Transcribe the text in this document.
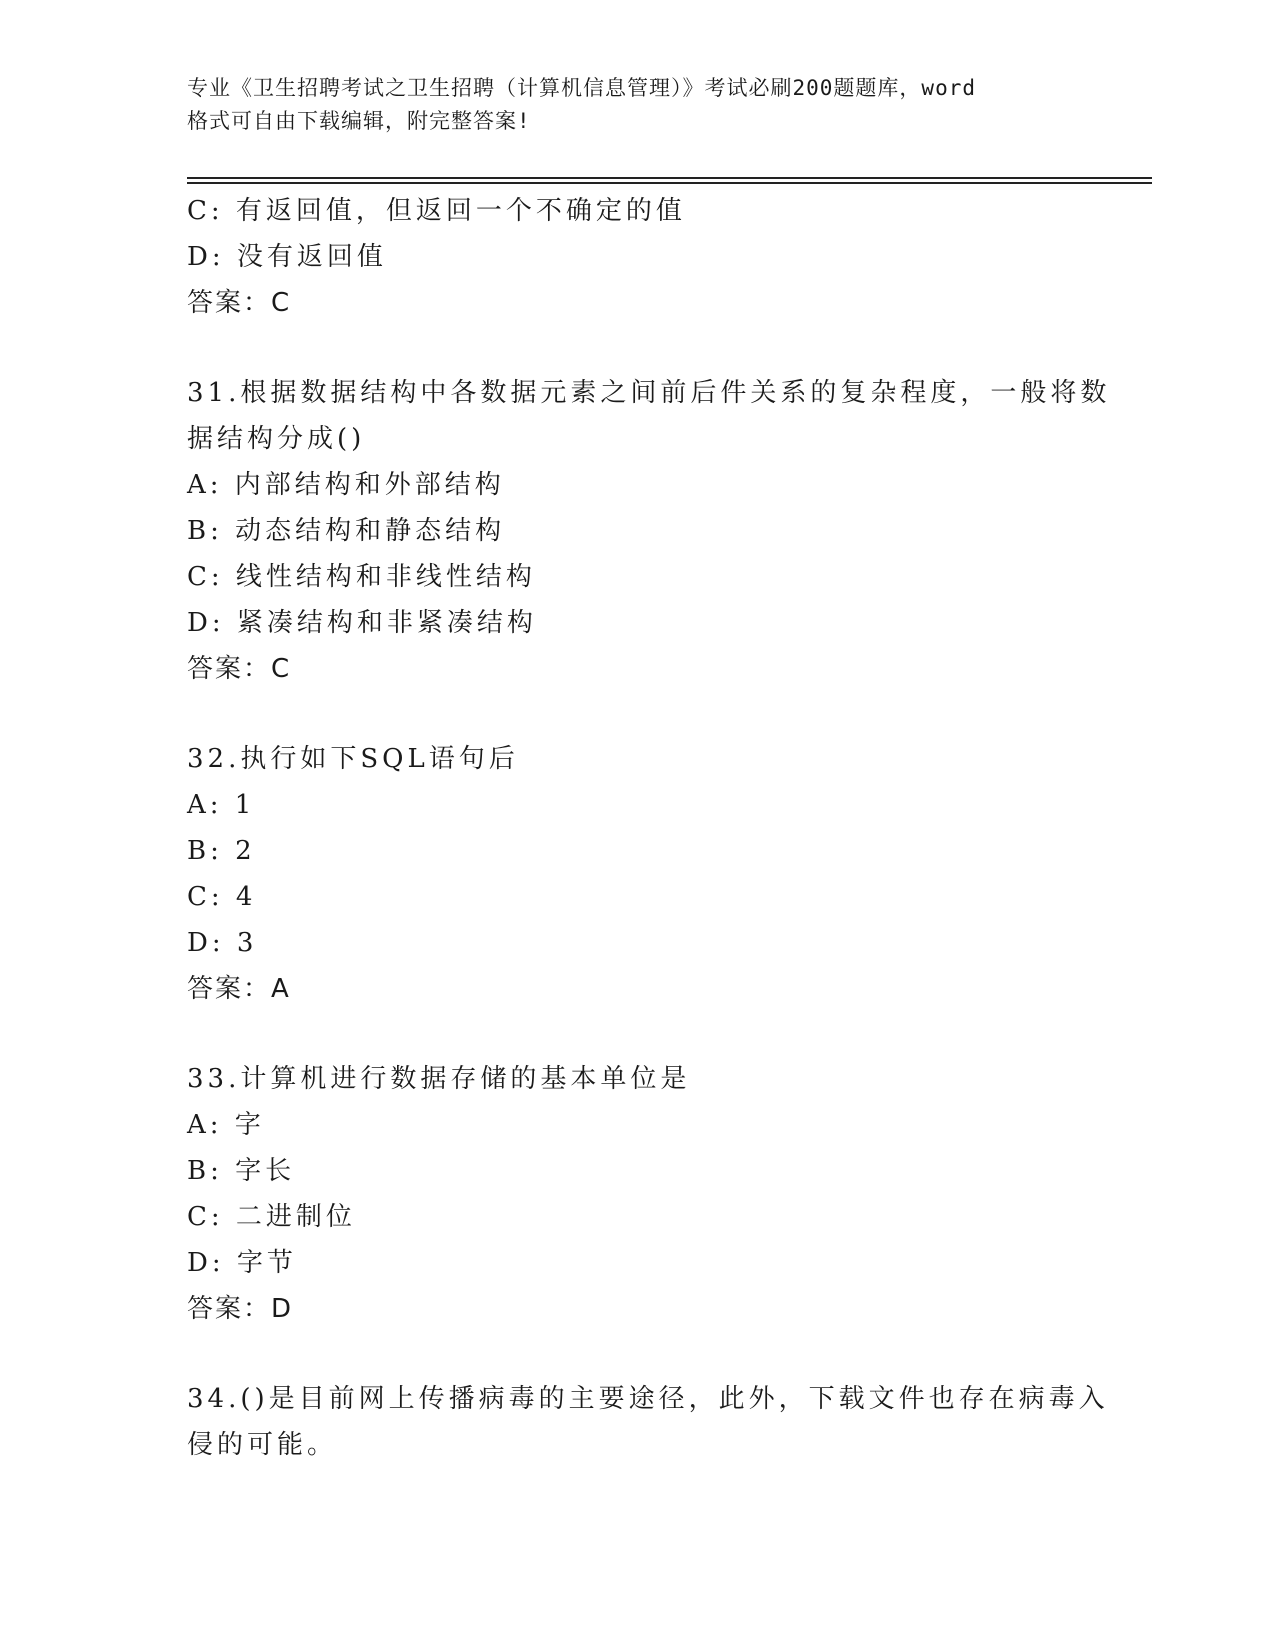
专业《卫生招聘考试之卫生招聘（计算机信息管理）》考试必刷200题题库，word
格式可自由下载编辑，附完整答案!
C: 有返回值，但返回一个不确定的值
D: 没有返回值
答案：C
31.根据数据结构中各数据元素之间前后件关系的复杂程度，一般将数
据结构分成()
A: 内部结构和外部结构
B: 动态结构和静态结构
C: 线性结构和非线性结构
D: 紧凑结构和非紧凑结构
答案：C
32.执行如下SQL语句后
A: 1
B: 2
C: 4
D: 3
答案：A
33.计算机进行数据存储的基本单位是
A: 字
B: 字长
C: 二进制位
D: 字节
答案：D
34.()是目前网上传播病毒的主要途径，此外，下载文件也存在病毒入
侵的可能。
